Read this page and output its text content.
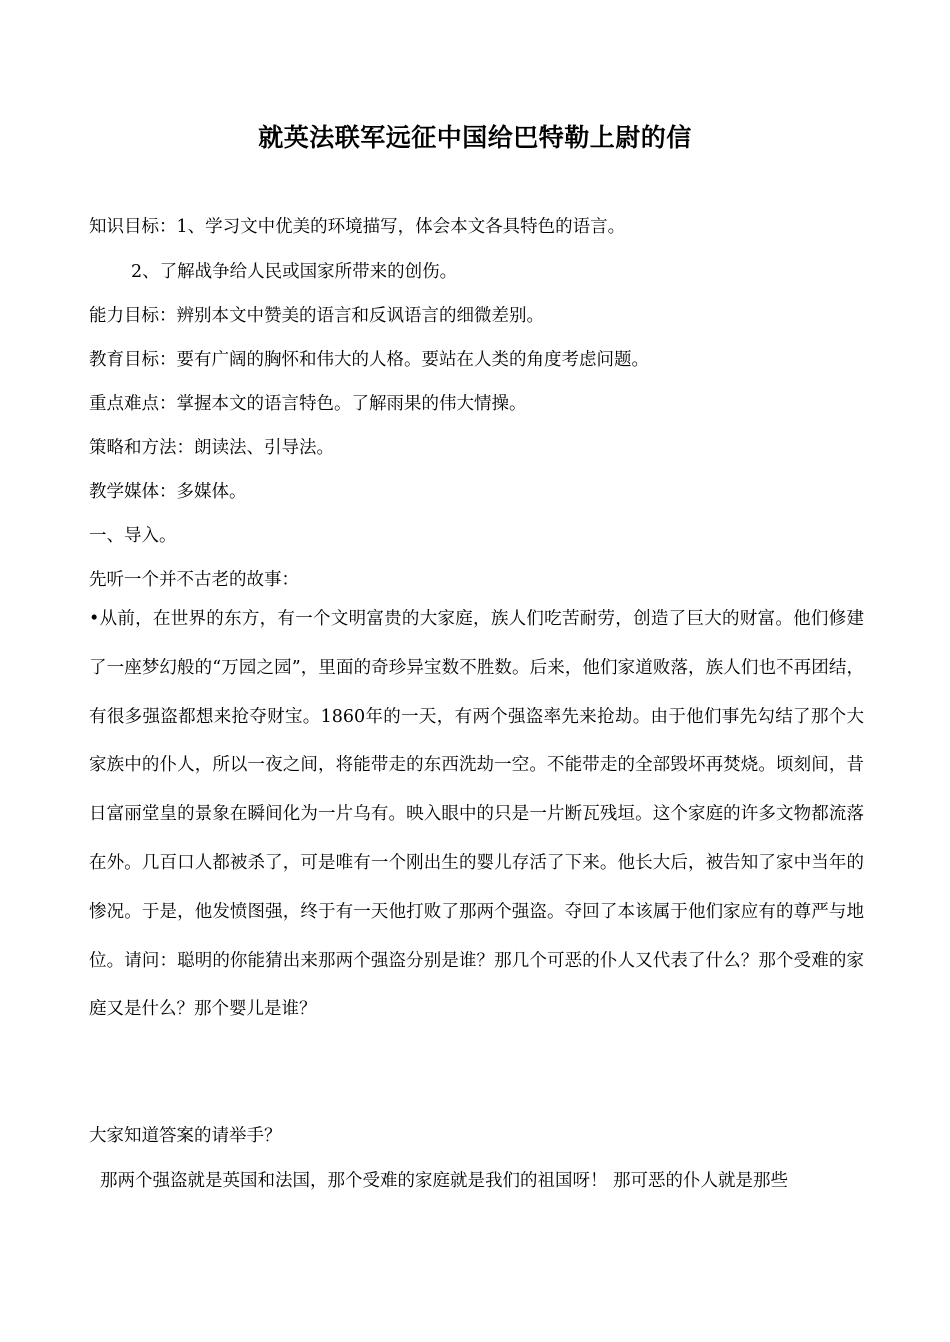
就英法联军远征中国给巴特勒上尉的信
知识目标：1、学习文中优美的环境描写，体会本文各具特色的语言。
2、了解战争给人民或国家所带来的创伤。
能力目标：辨别本文中赞美的语言和反讽语言的细微差别。
教育目标：要有广阔的胸怀和伟大的人格。要站在人类的角度考虑问题。
重点难点：掌握本文的语言特色。了解雨果的伟大情操。
策略和方法：朗读法、引导法。
教学媒体：多媒体。
一、导入。
先听一个并不古老的故事：
•从前，在世界的东方，有一个文明富贵的大家庭，族人们吃苦耐劳，创造了巨大的财富。他们修建了一座梦幻般的“万园之园”，里面的奇珍异宝数不胜数。后来，他们家道败落，族人们也不再团结，有很多强盗都想来抢夺财宝。1860年的一天，有两个强盗率先来抢劫。由于他们事先勾结了那个大家族中的仆人，所以一夜之间，将能带走的东西洗劫一空。不能带走的全部毁坏再焚烧。顷刻间，昔日富丽堂皇的景象在瞬间化为一片乌有。映入眼中的只是一片断瓦残垣。这个家庭的许多文物都流落在外。几百口人都被杀了，可是唯有一个刚出生的婴儿存活了下来。他长大后，被告知了家中当年的惨况。于是，他发愤图强，终于有一天他打败了那两个强盗。夺回了本该属于他们家应有的尊严与地位。请问：聪明的你能猜出来那两个强盗分别是谁？那几个可恶的仆人又代表了什么？那个受难的家庭又是什么？那个婴儿是谁？
大家知道答案的请举手？
那两个强盗就是英国和法国，那个受难的家庭就是我们的祖国呀！ 那可恶的仆人就是那些
